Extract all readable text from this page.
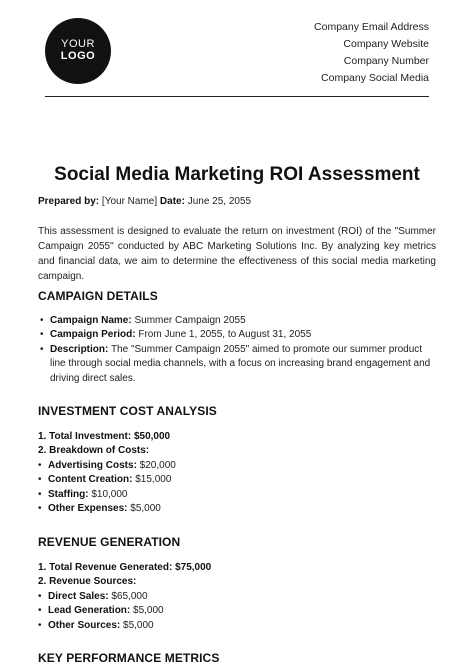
YOUR
LOGO
Company Email Address
Company Website
Company Number
Company Social Media
Social Media Marketing ROI Assessment
Prepared by: [Your Name] Date: June 25, 2055

This assessment is designed to evaluate the return on investment (ROI) of the "Summer Campaign 2055" conducted by ABC Marketing Solutions Inc. By analyzing key metrics and financial data, we aim to determine the effectiveness of this social media marketing campaign.

CAMPAIGN DETAILS
• Campaign Name: Summer Campaign 2055
• Campaign Period: From June 1, 2055, to August 31, 2055
• Description: The "Summer Campaign 2055" aimed to promote our summer product line through social media channels, with a focus on increasing brand engagement and driving direct sales.
INVESTMENT COST ANALYSIS
1. Total Investment: $50,000
2. Breakdown of Costs:
• Advertising Costs: $20,000
• Content Creation: $15,000
• Staffing: $10,000
• Other Expenses: $5,000
REVENUE GENERATION
1. Total Revenue Generated: $75,000
2. Revenue Sources:
• Direct Sales: $65,000
• Lead Generation: $5,000
• Other Sources: $5,000
KEY PERFORMANCE METRICS
